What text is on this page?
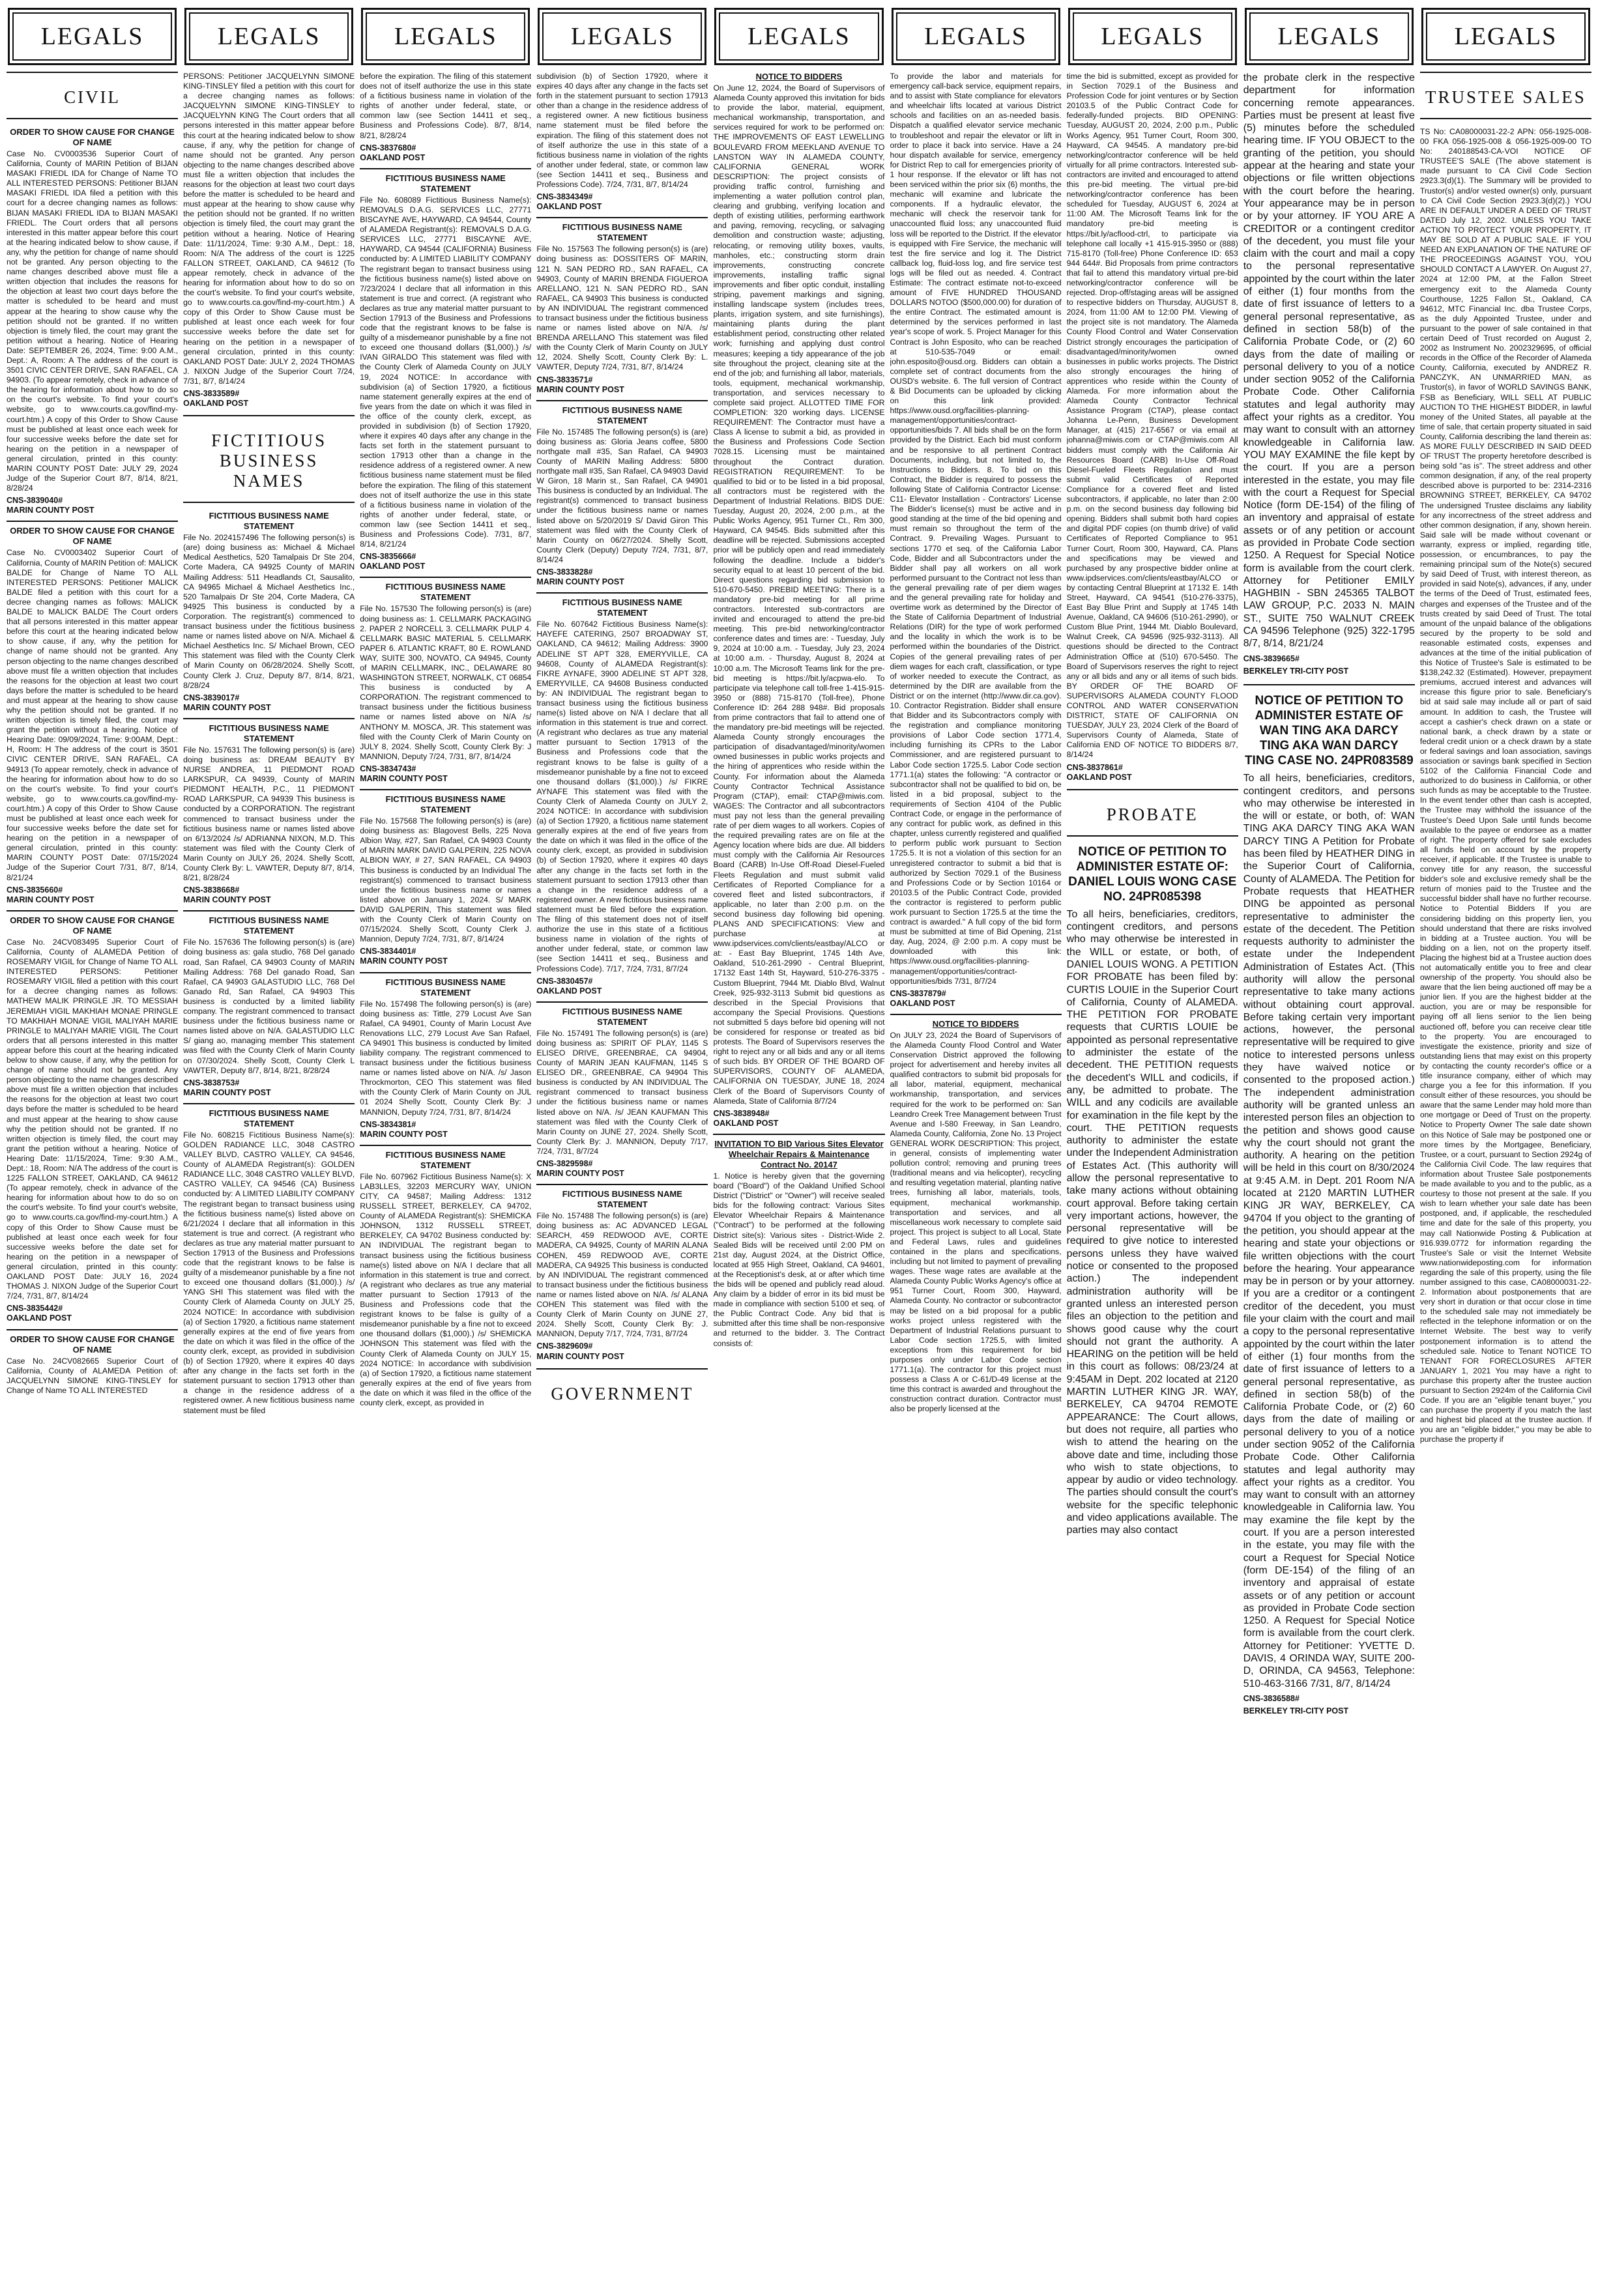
LEGALS
CIVIL
ORDER TO SHOW CAUSE FOR CHANGE OF NAME

Case No. CV0003536 Superior Court of California, County of MARIN Petition of BIJAN MASAKI FRIEDL IDA for Change of Name TO ALL INTERESTED PERSONS: Petitioner BIJAN MASAKI FRIEDL IDA filed a petition with this court for a decree changing names as follows: BIJAN MASAKI FRIEDL IDA to BIJAN MASAKI FRIEDL. The Court orders that all persons interested in this matter appear before this court at the hearing indicated below to show cause, if any, why the petition for change of name should not be granted. Any person objecting to the name changes described above must file a written objection that includes the reasons for the objection at least two court days before the matter is scheduled to be heard and must appear at the hearing to show cause why the petition should not be granted. If no written objection is timely filed, the court may grant the petition without a hearing. Notice of Hearing Date: SEPTEMBER 26, 2024, Time: 9:00 A.M., Dept.: A, Room: A The address of the court is 3501 CIVIC CENTER DRIVE, SAN RAFAEL, CA 94903. (To appear remotely, check in advance of the hearing for information about how to do so on the court's website. To find your court's website, go to www.courts.ca.gov/find-my-court.htm.) A copy of this Order to Show Cause must be published at least once each week for four successive weeks before the date set for hearing on the petition in a newspaper of general circulation, printed in this county: MARIN COUNTY POST Date: JULY 29, 2024 Judge of the Superior Court 8/7, 8/14, 8/21, 8/28/24

CNS-3839040#
MARIN COUNTY POST
ORDER TO SHOW CAUSE FOR CHANGE OF NAME

Case No. CV0003402 Superior Court of California, County of MARIN Petition of: MALICK BALDE for Change of Name TO ALL INTERESTED PERSONS: Petitioner MALICK BALDE filed a petition with this court for a decree changing names as follows: MALICK BALDE to MALICK BALDE The Court orders that all persons interested in this matter appear before this court at the hearing indicated below to show cause, if any, why the petition for change of name should not be granted. Any person objecting to the name changes described above must file a written objection that includes the reasons for the objection at least two court days before the matter is scheduled to be heard and must appear at the hearing to show cause why the petition should not be granted. If no written objection is timely filed, the court may grant the petition without a hearing. Notice of Hearing Date: 09/09/2024, Time: 9:00AM, Dept.: H, Room: H The address of the court is 3501 CIVIC CENTER DRIVE, SAN RAFAEL, CA 94913 (To appear remotely, check in advance of the hearing for information about how to do so on the court's website. To find your court's website, go to www.courts.ca.gov/find-my-court.htm.) A copy of this Order to Show Cause must be published at least once each week for four successive weeks before the date set for hearing on the petition in a newspaper of general circulation, printed in this county: MARIN COUNTY POST Date: 07/15/2024 Judge of the Superior Court 7/31, 8/7, 8/14, 8/21/24

CNS-3835660#
MARIN COUNTY POST
ORDER TO SHOW CAUSE FOR CHANGE OF NAME

Case No. 24CV083495 Superior Court of California, County of ALAMEDA Petition of ROSEMARY VIGIL for Change of Name TO ALL INTERESTED PERSONS: Petitioner ROSEMARY VIGIL filed a petition with this court for a decree changing names as follows: MATHEW MALIK PRINGLE JR. TO MESSIAH JEREMIAH VIGIL MAKHIAH MONAE PRINGLE TO MAKHIAH MONAE VIGIL MALIYAH MARIE PRINGLE to MALIYAH MARIE VIGIL The Court orders that all persons interested in this matter appear before this court at the hearing indicated below to show cause, if any, why the petition for change of name should not be granted. Any person objecting to the name changes described above must file a written objection that includes the reasons for the objection at least two court days before the matter is scheduled to be heard and must appear at the hearing to show cause why the petition should not be granted. If no written objection is timely filed, the court may grant the petition without a hearing. Notice of Hearing Date: 11/15/2024, Time: 9:30 A.M., Dept.: 18, Room: N/A The address of the court is 1225 FALLON STREET, OAKLAND, CA 94612 (To appear remotely, check in advance of the hearing for information about how to do so on the court's website. To find your court's website, go to www.courts.ca.gov/find-my-court.htm.) A copy of this Order to Show Cause must be published at least once each week for four successive weeks before the date set for hearing on the petition in a newspaper of general circulation, printed in this county: OAKLAND POST Date: JULY 16, 2024 THOMAS J. NIXON Judge of the Superior Court 7/24, 7/31, 8/7, 8/14/24

CNS-3835442#
OAKLAND POST
ORDER TO SHOW CAUSE FOR CHANGE OF NAME

Case No. 24CV082665 Superior Court of California, County of ALAMEDA Petition of: JACQUELYNN SIMONE KING-TINSLEY for Change of Name TO ALL INTERESTED

LEGALS

PERSONS: Petitioner JACQUELYNN SIMONE KING-TINSLEY filed a petition with this court for a decree changing names as follows: JACQUELYNN SIMONE KING-TINSLEY to JACQUELYNN KING The Court orders that all persons interested in this matter appear before this court at the hearing indicated below to show cause, if any, why the petition for change of name should not be granted. Any person objecting to the name changes described above must file a written objection that includes the reasons for the objection at least two court days before the matter is scheduled to be heard and must appear at the hearing to show cause why the petition should not be granted. If no written objection is timely filed, the court may grant the petition without a hearing. Notice of Hearing Date: 11/11/2024, Time: 9:30 A.M., Dept.: 18, Room: N/A The address of the court is 1225 FALLON STREET, OAKLAND, CA 94612 (To appear remotely, check in advance of the hearing for information about how to do so on the court's website. To find your court's website, go to www.courts.ca.gov/find-my-court.htm.) A copy of this Order to Show Cause must be published at least once each week for four successive weeks before the date set for hearing on the petition in a newspaper of general circulation, printed in this county: OAKLAND POST Date: JULY 2, 2024 THOMAS J. NIXON Judge of the Superior Court 7/24, 7/31, 8/7, 8/14/24

CNS-3833589#
OAKLAND POST
FICTITIOUS BUSINESS NAMES
FICTITIOUS BUSINESS NAME STATEMENT

File No. 2024157496 The following person(s) is (are) doing business as: Michael & Michael Medical Aesthetics, 520 Tamalpais Dr Ste 204, Corte Madera, CA 94925 County of MARIN Mailing Address: 511 Headlands Ct, Sausalito, CA 94965 Michael & Michael Aesthetics Inc., 520 Tamalpais Dr Ste 204, Corte Madera, CA 94925 This business is conducted by a Corporation. The registrant(s) commenced to transact business under the fictitious business name or names listed above on N/A. Michael & Michael Aesthetics Inc. S/ Michael Brown, CEO This statement was filed with the County Clerk of Marin County on 06/28/2024. Shelly Scott, County Clerk J. Cruz, Deputy 8/7, 8/14, 8/21, 8/28/24

CNS-3839017#
MARIN COUNTY POST
FICTITIOUS BUSINESS NAME STATEMENT

File No. 157631 The following person(s) is (are) doing business as: DREAM BEAUTY BY NURSE ANDREA, 11 PIEDMONT ROAD LARKSPUR, CA 94939, County of MARIN PIEDMONT HEALTH, P.C., 11 PIEDMONT ROAD LARKSPUR, CA 94939 This business is conducted by a CORPORATION. The registrant commenced to transact business under the fictitious business name or names listed above on 6/13/2024 /s/ ADRIANNA NIXON, M.D. This statement was filed with the County Clerk of Marin County on JULY 26, 2024. Shelly Scott, County Clerk By: L. VAWTER, Deputy 8/7, 8/14, 8/21, 8/28/24

CNS-3838668#
MARIN COUNTY POST
FICTITIOUS BUSINESS NAME STATEMENT

File No. 157636 The following person(s) is (are) doing business as: gala studio, 768 Del ganado road, San Rafael, CA 94903 County of MARIN Mailing Address: 768 Del ganado Road, San Rafael, CA 94903 GALASTUDIO LLC, 768 Del Ganado Rd, San Rafael, CA 94903 This business is conducted by a limited liability company. The registrant commenced to transact business under the fictitious business name or names listed above on N/A. GALASTUDIO LLC S/ giang ao, managing member This statement was filed with the County Clerk of Marin County on 07/30/2024. Shelly Scott, County Clerk L VAWTER, Deputy 8/7, 8/14, 8/21, 8/28/24

CNS-3838753#
MARIN COUNTY POST
FICTITIOUS BUSINESS NAME STATEMENT

File No. 608215 Fictitious Business Name(s): GOLDEN RADIANCE LLC, 3048 CASTRO VALLEY BLVD, CASTRO VALLEY, CA 94546, County of ALAMEDA Registrant(s): GOLDEN RADIANCE LLC, 3048 CASTRO VALLEY BLVD, CASTRO VALLEY, CA 94546 (CA) Business conducted by: A LIMITED LIABILITY COMPANY The registrant began to transact business using the fictitious business name(s) listed above on 6/21/2024 I declare that all information in this statement is true and correct. (A registrant who declares as true any material matter pursuant to Section 17913 of the Business and Professions code that the registrant knows to be false is guilty of a misdemeanor punishable by a fine not to exceed one thousand dollars ($1,000).) /s/ YANG SHI This statement was filed with the County Clerk of Alameda County on JULY 25, 2024 NOTICE: In accordance with subdivision (a) of Section 17920, a fictitious name statement generally expires at the end of five years from the date on which it was filed in the office of the county clerk, except, as provided in subdivision (b) of Section 17920, where it expires 40 days after any change in the facts set forth in the statement pursuant to section 17913 other than a change in the residence address of a registered owner. A new fictitious business name statement must be filed

LEGALS

before the expiration. The filing of this statement does not of itself authorize the use in this state of a fictitious business name in violation of the rights of another under federal, state, or common law (see Section 14411 et seq., Business and Professions Code). 8/7, 8/14, 8/21, 8/28/24

CNS-3837680#
OAKLAND POST
FICTITIOUS BUSINESS NAME STATEMENT

File No. 608089 Fictitious Business Name(s): REMOVALS D.A.G. SERVICES LLC, 27771 BISCAYNE AVE, HAYWARD, CA 94544, County of ALAMEDA Registrant(s): REMOVALS D.A.G. SERVICES LLC, 27771 BISCAYNE AVE, HAYWARD, CA 94544 (CALIFORNIA) Business conducted by: A LIMITED LIABILITY COMPANY The registrant began to transact business using the fictitious business name(s) listed above on 7/23/2024 I declare that all information in this statement is true and correct. (A registrant who declares as true any material matter pursuant to Section 17913 of the Business and Professions code that the registrant knows to be false is guilty of a misdemeanor punishable by a fine not to exceed one thousand dollars ($1,000).) /s/ IVAN GIRALDO This statement was filed with the County Clerk of Alameda County on JULY 19, 2024 NOTICE: In accordance with subdivision (a) of Section 17920, a fictitious name statement generally expires at the end of five years from the date on which it was filed in the office of the county clerk, except, as provided in subdivision (b) of Section 17920, where it expires 40 days after any change in the facts set forth in the statement pursuant to section 17913 other than a change in the residence address of a registered owner. A new fictitious business name statement must be filed before the expiration. The filing of this statement does not of itself authorize the use in this state of a fictitious business name in violation of the rights of another under federal, state, or common law (see Section 14411 et seq., Business and Professions Code). 7/31, 8/7, 8/14, 8/21/24

CNS-3835666#
OAKLAND POST
FICTITIOUS BUSINESS NAME STATEMENT

File No. 157530 The following person(s) is (are) doing business as: 1. CELLMARK PACKAGING 2. PAPER 2 NORCELL 3. CELLMARK PULP 4. CELLMARK BASIC MATERIAL 5. CELLMARK PAPER 6. ATLANTIC KRAFT, 80 E. ROWLAND WAY, SUITE 300, NOVATO, CA 94945, County of MARIN CELLMARK, INC., DELAWARE 80 WASHINGTON STREET, NORWALK, CT 06854 This business is conducted by A CORPORATION. The registrant commenced to transact business under the fictitious business name or names listed above on N/A /s/ ANTHONY M. MOSCA, JR. This statement was filed with the County Clerk of Marin County on JULY 8, 2024. Shelly Scott, County Clerk By: J MANNION, Deputy 7/24, 7/31, 8/7, 8/14/24

CNS-3834743#
MARIN COUNTY POST
FICTITIOUS BUSINESS NAME STATEMENT

File No. 157568 The following person(s) is (are) doing business as: Blagovest Bells, 225 Nova Albion Way, #27, San Rafael, CA 94903 County of MARIN MARK DAVID GALPERIN, 225 NOVA ALBION WAY, # 27, SAN RAFAEL, CA 94903 This business is conducted by an Individual The registrant(s) commenced to transact business under the fictitious business name or names listed above on January 1, 2024. S/ MARK DAVID GALPERIN, This statement was filed with the County Clerk of Marin County on 07/15/2024. Shelly Scott, County Clerk J. Mannion, Deputy 7/24, 7/31, 8/7, 8/14/24

CNS-3834401#
MARIN COUNTY POST
FICTITIOUS BUSINESS NAME STATEMENT

File No. 157498 The following person(s) is (are) doing business as: Tittle, 279 Locust Ave San Rafael, CA 94901, County of Marin Locust Ave Renovations LLC, 279 Locust Ave San Rafael, CA 94901 This business is conducted by limited liability company. The registrant commenced to transact business under the fictitious business name or names listed above on N/A. /s/ Jason Throckmorton, CEO This statement was filed with the County Clerk of Marin County on JUL 01 2024 Shelly Scott, County Clerk By: J MANNION, Deputy 7/24, 7/31, 8/7, 8/14/24

CNS-3834381#
MARIN COUNTY POST
FICTITIOUS BUSINESS NAME STATEMENT

File No. 607962 Fictitious Business Name(s): X LAB3LLES, 32203 MERCURY WAY, UNION CITY, CA 94587; Mailing Address: 1312 RUSSELL STREET, BERKELEY, CA 94702, County of ALAMEDA Registrant(s): SHEMICKA JOHNSON, 1312 RUSSELL STREET, BERKELEY, CA 94702 Business conducted by: AN INDIVIDUAL The registrant began to transact business using the fictitious business name(s) listed above on N/A I declare that all information in this statement is true and correct. (A registrant who declares as true any material matter pursuant to Section 17913 of the Business and Professions code that the registrant knows to be false is guilty of a misdemeanor punishable by a fine not to exceed one thousand dollars ($1,000).) /s/ SHEMICKA JOHNSON This statement was filed with the County Clerk of Alameda County on JULY 15, 2024 NOTICE: In accordance with subdivision (a) of Section 17920, a fictitious name statement generally expires at the end of five years from the date on which it was filed in the office of the county clerk, except, as provided in

LEGALS

subdivision (b) of Section 17920, where it expires 40 days after any change in the facts set forth in the statement pursuant to section 17913 other than a change in the residence address of a registered owner. A new fictitious business name statement must be filed before the expiration. The filing of this statement does not of itself authorize the use in this state of a fictitious business name in violation of the rights of another under federal, state, or common law (see Section 14411 et seq., Business and Professions Code). 7/24, 7/31, 8/7, 8/14/24

CNS-3834349#
OAKLAND POST
FICTITIOUS BUSINESS NAME STATEMENT

File No. 157563 The following person(s) is (are) doing business as: DOSSITERS OF MARIN, 121 N. SAN PEDRO RD., SAN RAFAEL, CA 94903, County of MARIN BRENDA FIGUEROA ARELLANO, 121 N. SAN PEDRO RD., SAN RAFAEL, CA 94903 This business is conducted by AN INDIVIDUAL The registrant commenced to transact business under the fictitious business name or names listed above on N/A. /s/ BRENDA ARELLANO This statement was filed with the County Clerk of Marin County on JULY 12, 2024. Shelly Scott, County Clerk By: L. VAWTER, Deputy 7/24, 7/31, 8/7, 8/14/24

CNS-3833571#
MARIN COUNTY POST
FICTITIOUS BUSINESS NAME STATEMENT

File No. 157485 The following person(s) is (are) doing business as: Gloria Jeans coffee, 5800 northgate mall #35, San Rafael, CA 94903 County of MARIN Mailing Address: 5800 northgate mall #35, San Rafael, CA 94903 David W Giron, 18 Marin st., San Rafael, CA 94901 This business is conducted by an Individual. The registrant(s) commenced to transact business under the fictitious business name or names listed above on 5/20/2019 S/ David Giron This statement was filed with the County Clerk of Marin County on 06/27/2024. Shelly Scott, County Clerk (Deputy) Deputy 7/24, 7/31, 8/7, 8/14/24

CNS-3833828#
MARIN COUNTY POST
FICTITIOUS BUSINESS NAME STATEMENT

File No. 607642 Fictitious Business Name(s): HAYEFE CATERING, 2507 BROADWAY ST, OAKLAND, CA 94612; Mailing Address: 3900 ADELINE ST APT 328, EMERYVILLE, CA 94608, County of ALAMEDA Registrant(s): FIKRE AYNAFE, 3900 ADELINE ST APT 328, EMERYVILLE, CA 94608 Business conducted by: AN INDIVIDUAL The registrant began to transact business using the fictitious business name(s) listed above on N/A I declare that all information in this statement is true and correct. (A registrant who declares as true any material matter pursuant to Section 17913 of the Business and Professions code that the registrant knows to be false is guilty of a misdemeanor punishable by a fine not to exceed one thousand dollars ($1,000).) /s/ FIKRE AYNAFE This statement was filed with the County Clerk of Alameda County on JULY 2, 2024 NOTICE: In accordance with subdivision (a) of Section 17920, a fictitious name statement generally expires at the end of five years from the date on which it was filed in the office of the county clerk, except, as provided in subdivision (b) of Section 17920, where it expires 40 days after any change in the facts set forth in the statement pursuant to section 17913 other than a change in the residence address of a registered owner. A new fictitious business name statement must be filed before the expiration. The filing of this statement does not of itself authorize the use in this state of a fictitious business name in violation of the rights of another under federal, state, or common law (see Section 14411 et seq., Business and Professions Code). 7/17, 7/24, 7/31, 8/7/24

CNS-3830457#
OAKLAND POST
FICTITIOUS BUSINESS NAME STATEMENT

File No. 157491 The following person(s) is (are) doing business as: SPIRIT OF PLAY, 1145 S ELISEO DRIVE, GREENBRAE, CA 94904, County of MARIN JEAN KAUFMAN, 1145 S ELISEO DR., GREENBRAE, CA 94904 This business is conducted by AN INDIVIDUAL The registrant commenced to transact business under the fictitious business name or names listed above on N/A. /s/ JEAN KAUFMAN This statement was filed with the County Clerk of Marin County on JUNE 27, 2024. Shelly Scott, County Clerk By: J. MANNION, Deputy 7/17, 7/24, 7/31, 8/7/24

CNS-3829598#
MARIN COUNTY POST
FICTITIOUS BUSINESS NAME STATEMENT

File No. 157488 The following person(s) is (are) doing business as: AC ADVANCED LEGAL SEARCH, 459 REDWOOD AVE, CORTE MADERA, CA 94925, County of MARIN ALANA COHEN, 459 REDWOOD AVE, CORTE MADERA, CA 94925 This business is conducted by AN INDIVIDUAL The registrant commenced to transact business under the fictitious business name or names listed above on N/A. /s/ ALANA COHEN This statement was filed with the County Clerk of Marin County on JUNE 27, 2024. Shelly Scott, County Clerk By: J. MANNION, Deputy 7/17, 7/24, 7/31, 8/7/24

CNS-3829609#
MARIN COUNTY POST
GOVERNMENT
LEGALS
NOTICE TO BIDDERS

On June 12, 2024, the Board of Supervisors of Alameda County approved this invitation for bids to provide the labor, material, equipment, mechanical workmanship, transportation, and services required for work to be performed on: THE IMPROVEMENTS OF EAST LEWELLING BOULEVARD FROM MEEKLAND AVENUE TO LANSTON WAY IN ALAMEDA COUNTY, CALIFORNIA GENERAL WORK DESCRIPTION: The project consists of providing traffic control, furnishing and implementing a water pollution control plan, clearing and grubbing, verifying location and depth of existing utilities, performing earthwork and paving, removing, recycling, or salvaging demolition and construction waste; adjusting, relocating, or removing utility boxes, vaults, manholes, etc.; constructing storm drain improvements, constructing concrete improvements, installing traffic signal improvements and fiber optic conduit, installing striping, pavement markings and signing, installing landscape system (includes trees, plants, irrigation system, and site furnishings), maintaining plants during the plant establishment period, constructing other related work; furnishing and applying dust control measures; keeping a tidy appearance of the job site throughout the project, cleaning site at the end of the job; and furnishing all labor, materials, tools, equipment, mechanical workmanship, transportation, and services necessary to complete said project. ALLOTTED TIME FOR COMPLETION: 320 working days. LICENSE REQUIREMENT: The Contractor must have a Class A license to submit a bid, as provided in the Business and Professions Code Section 7028.15. Licensing must be maintained throughout the Contract duration. REGISTRATION REQUIREMENT: To be qualified to bid or to be listed in a bid proposal, all contractors must be registered with the Department of Industrial Relations. BIDS DUE: Tuesday, August 20, 2024, 2:00 p.m., at the Public Works Agency, 951 Turner Ct., Rm 300, Hayward, CA 94545. Bids submitted after this deadline will be rejected. Submissions accepted prior will be publicly open and read immediately following the deadline. Include a bidder's security equal to at least 10 percent of the bid. Direct questions regarding bid submission to 510-670-5450. PREBID MEETING: There is a mandatory pre-bid meeting for all prime contractors. Interested sub-contractors are invited and encouraged to attend the pre-bid meeting. This pre-bid networking/contractor conference dates and times are: - Tuesday, July 9, 2024 at 10:00 a.m. - Tuesday, July 23, 2024 at 10:00 a.m. - Thursday, August 8, 2024 at 10:00 a.m. The Microsoft Teams link for the pre-bid meeting is https://bit.ly/acpwa-elo. To participate via telephone call toll-free 1-415-915-3950 or (888) 715-8170 (Toll-free), Phone Conference ID: 264 288 948#. Bid proposals from prime contractors that fail to attend one of the mandatory pre-bid meetings will be rejected. Alameda County strongly encourages the participation of disadvantaged/minority/women owned businesses in public works projects and the hiring of apprentices who reside within the County. For information about the Alameda County Contractor Technical Assistance Program (CTAP), email: CTAP@miwis.com. WAGES: The Contractor and all subcontractors must pay not less than the general prevailing rate of per diem wages to all workers. Copies of the required prevailing rates are on file at the Agency location where bids are due. All bidders must comply with the California Air Resources Board (CARB) In-Use Off-Road Diesel-Fueled Fleets Regulation and must submit valid Certificates of Reported Compliance for a covered fleet and listed subcontractors, if applicable, no later than 2:00 p.m. on the second business day following bid opening. PLANS AND SPECIFICATIONS: View and purchase at www.ipdservices.com/clients/eastbay/ALCO or at: - East Bay Blueprint, 1745 14th Ave, Oakland, 510-261-2990 - Central Blueprint, 17132 East 14th St, Hayward, 510-276-3375 - Custom Blueprint, 7944 Mt. Diablo Blvd, Walnut Creek, 925-932-3113 Submit bid questions as described in the Special Provisions that accompany the Special Provisions. Questions not submitted 5 days before bid opening will not be considered for response or treated as bid protests. The Board of Supervisors reserves the right to reject any or all bids and any or all items of such bids. BY ORDER OF THE BOARD OF SUPERVISORS, COUNTY OF ALAMEDA, CALIFORNIA ON TUESDAY, JUNE 18, 2024 Clerk of the Board of Supervisors County of Alameda, State of California 8/7/24

CNS-3838948#
OAKLAND POST
INVITATION TO BID Various Sites Elevator Wheelchair Repairs & Maintenance Contract No. 20147

1. Notice is hereby given that the governing board ("Board") of the Oakland Unified School District ("District" or "Owner") will receive sealed bids for the following contract: Various Sites Elevator Wheelchair Repairs & Maintenance ("Contract") to be performed at the following District site(s): Various sites - District-Wide 2. Sealed Bids will be received until 2:00 PM on 21st day, August 2024, at the District Office, located at 955 High Street, Oakland, CA 94601, at the Receptionist's desk, at or after which time the bids will be opened and publicly read aloud. Any claim by a bidder of error in its bid must be made in compliance with section 5100 et seq. of the Public Contract Code. Any bid that is submitted after this time shall be non-responsive and returned to the bidder. 3. The Contract consists of:

LEGALS

To provide the labor and materials for emergency call-back service, equipment repairs, and to assist with State compliance for elevators and wheelchair lifts located at various District schools and facilities on an as-needed basis. Dispatch a qualified elevator service mechanic to troubleshoot and repair the elevator or lift in order to place it back into service. Have a 24 hour dispatch available for service, emergency for District Rep to call for emergencies priority of 1 hour response. If the elevator or lift has not been serviced within the prior six (6) months, the mechanic will examine and lubricate the components. If a hydraulic elevator, the mechanic will check the reservoir tank for unaccounted fluid loss; any unaccounted fluid loss will be reported to the District. If the elevator is equipped with Fire Service, the mechanic will test the fire service and log it. The District callback log, fluid-loss log, and fire service test logs will be filed out as needed. 4. Contract Estimate: The contract estimate not-to-exceed amount of FIVE HUNDRED THOUSAND DOLLARS NOTOO ($500,000.00) for duration of the entire Contract. The estimated amount is determined by the services performed in last year's scope of work. 5. Project Manager for this Contract is John Esposito, who can be reached at 510-535-7049 or email: john.esposito@ousd.org. Bidders can obtain a complete set of contract documents from the OUSD's website. 6. The full version of Contract & Bid Documents can be uploaded by clicking on this link provided: https://www.ousd.org/facilities-planning-management/opportunities/contract-opportunities/bids 7. All bids shall be on the form provided by the District. Each bid must conform and be responsive to all pertinent Contract Documents, including, but not limited to, the Instructions to Bidders. 8. To bid on this Contract, the Bidder is required to possess the following State of California Contractor License: C11- Elevator Installation - Contractors' License The Bidder's license(s) must be active and in good standing at the time of the bid opening and must remain so throughout the term of the Contract. 9. Prevailing Wages. Pursuant to sections 1770 et seq. of the California Labor Code, Bidder and all Subcontractors under the Bidder shall pay all workers on all work performed pursuant to the Contract not less than the general prevailing rate of per diem wages and the general prevailing rate for holiday and overtime work as determined by the Director of the State of California Department of Industrial Relations (DIR) for the type of work performed and the locality in which the work is to be performed within the boundaries of the District. Copies of the general prevailing rates of per diem wages for each craft, classification, or type of worker needed to execute the Contract, as determined by the DIR are available from the District or on the internet (http://www.dir.ca.gov). 10. Contractor Registration. Bidder shall ensure that Bidder and its Subcontractors comply with the registration and compliance monitoring provisions of Labor Code section 1771.4, including furnishing its CPRs to the Labor Commissioner, and are registered pursuant to Labor Code section 1725.5. Labor Code section 1771.1(a) states the following: "A contractor or subcontractor shall not be qualified to bid on, be listed in a bid proposal, subject to the requirements of Section 4104 of the Public Contract Code, or engage in the performance of any contract for public work, as defined in this chapter, unless currently registered and qualified to perform public work pursuant to Section 1725.5. It is not a violation of this section for an unregistered contractor to submit a bid that is authorized by Section 7029.1 of the Business and Professions Code or by Section 10164 or 20103.5 of the Public Contract Code, provided the contractor is registered to perform public work pursuant to Section 1725.5 at the time the contract is awarded." A full copy of the bid form must be submitted at time of Bid Opening, 21st day, Aug, 2024, @ 2:00 p.m. A copy must be downloaded with this link: https://www.ousd.org/facilities-planning-management/opportunities/contract-opportunities/bids 7/31, 8/7/24

CNS-3837879#
OAKLAND POST
NOTICE TO BIDDERS

On JULY 23, 2024 the Board of Supervisors of the Alameda County Flood Control and Water Conservation District approved the following project for advertisement and hereby invites all qualified contractors to submit bid proposals for all labor, material, equipment, mechanical workmanship, transportation, and services required for the work to be performed on: San Leandro Creek Tree Management between Trust Avenue and I-580 Freeway, in San Leandro, Alameda County, California, Zone No. 13 Project GENERAL WORK DESCRIPTION: This project, in general, consists of implementing water pollution control; removing and pruning trees (traditional means and via helicopter), recycling and resulting vegetation material, planting native trees, furnishing all labor, materials, tools, equipment, mechanical workmanship, transportation and services, and all miscellaneous work necessary to complete said project. This project is subject to all Local, State and Federal Laws, rules and guidelines contained in the plans and specifications, including but not limited to payment of prevailing wages. These wage rates are available at the Alameda County Public Works Agency's office at 951 Turner Court, Room 300, Hayward, Alameda County. No contractor or subcontractor may be listed on a bid proposal for a public works project unless registered with the Department of Industrial Relations pursuant to Labor Code section 1725.5, with limited exceptions from this requirement for bid purposes only under Labor Code section 1771.1(a). The contractor for this project must possess a Class A or C-61/D-49 license at the time this contract is awarded and throughout the construction contract duration. Contractor must also be properly licensed at the

LEGALS

time the bid is submitted, except as provided for in Section 7029.1 of the Business and Profession Code for joint ventures or by Section 20103.5 of the Public Contract Code for federally-funded projects. BID OPENING: Tuesday, AUGUST 20, 2024, 2:00 p.m., Public Works Agency, 951 Turner Court, Room 300, Hayward, CA 94545. A mandatory pre-bid networking/contractor conference will be held virtually for all prime contractors. Interested sub-contractors are invited and encouraged to attend this pre-bid meeting. The virtual pre-bid networking/contractor conference has been scheduled for Tuesday, AUGUST 6, 2024 at 11:00 AM. The Microsoft Teams link for the mandatory pre-bid meeting is https://bit.ly/acflood-ctrl, to participate via telephone call locally +1 415-915-3950 or (888) 715-8170 (Toll-free) Phone Conference ID: 653 944 644#. Bid Proposals from prime contractors that fail to attend this mandatory virtual pre-bid networking/contractor conference will be rejected. Drop-off/staging areas will be assigned to respective bidders on Thursday, AUGUST 8, 2024, from 11:00 AM to 12:00 PM. Viewing of the project site is not mandatory. The Alameda County Flood Control and Water Conservation District strongly encourages the participation of disadvantaged/minority/women owned businesses in public works projects. The District also strongly encourages the hiring of apprentices who reside within the County of Alameda. For more information about the Alameda County Contractor Technical Assistance Program (CTAP), please contact Johanna Le-Penn, Business Development Manager, at (415) 217-6567 or via email at johanna@miwis.com or CTAP@miwis.com All bidders must comply with the California Air Resources Board (CARB) In-Use Off-Road Diesel-Fueled Fleets Regulation and must submit valid Certificates of Reported Compliance for a covered fleet and listed subcontractors, if applicable, no later than 2:00 p.m. on the second business day following bid opening. Bidders shall submit both hard copies and digital PDF copies (on thumb drive) of valid Certificates of Reported Compliance to 951 Turner Court, Room 300, Hayward, CA. Plans and specifications may be viewed and purchased by any prospective bidder online at www.ipdservices.com/clients/eastbay/ALCO or by contacting Central Blueprint at 17132 E. 14th Street, Hayward, CA 94541 (510-276-3375), East Bay Blue Print and Supply at 1745 14th Avenue, Oakland, CA 94606 (510-261-2990), or Custom Blue Print, 1944 Mt. Diablo Boulevard, Walnut Creek, CA 94596 (925-932-3113). All questions should be directed to the Contract Administration Office at (510) 670-5450. The Board of Supervisors reserves the right to reject any or all bids and any or all items of such bids. BY ORDER OF THE BOARD OF SUPERVISORS ALAMEDA COUNTY FLOOD CONTROL AND WATER CONSERVATION DISTRICT, STATE OF CALIFORNIA ON TUESDAY, JULY 23, 2024 Clerk of the Board of Supervisors County of Alameda, State of California END OF NOTICE TO BIDDERS 8/7, 8/14/24

CNS-3837861#
OAKLAND POST
PROBATE
NOTICE OF PETITION TO ADMINISTER ESTATE OF: DANIEL LOUIS WONG CASE NO. 24PR085398

To all heirs, beneficiaries, creditors, contingent creditors, and persons who may otherwise be interested in the WILL or estate, or both, of DANIEL LOUIS WONG. A PETITION FOR PROBATE has been filed by: CURTIS LOUIE in the Superior Court of California, County of ALAMEDA. THE PETITION FOR PROBATE requests that CURTIS LOUIE be appointed as personal representative to administer the estate of the decedent. THE PETITION requests the decedent's WILL and codicils, if any, be admitted to probate. The WILL and any codicils are available for examination in the file kept by the court. THE PETITION requests authority to administer the estate under the Independent Administration of Estates Act. (This authority will allow the personal representative to take many actions without obtaining court approval. Before taking certain very important actions, however, the personal representative will be required to give notice to interested persons unless they have waived notice or consented to the proposed action.) The independent administration authority will be granted unless an interested person files an objection to the petition and shows good cause why the court should not grant the authority. A HEARING on the petition will be held in this court as follows: 08/23/24 at 9:45AM in Dept. 202 located at 2120 MARTIN LUTHER KING JR. WAY, BERKELEY, CA 94704 REMOTE APPEARANCE: The Court allows, but does not require, all parties who wish to attend the hearing on the above date and time, including those who wish to state objections, to appear by audio or video technology. The parties should consult the court's website for the specific telephonic and video applications available. The parties may also contact

LEGALS

the probate clerk in the respective department for information concerning remote appearances. Parties must be present at least five (5) minutes before the scheduled hearing time. IF YOU OBJECT to the granting of the petition, you should appear at the hearing and state your objections or file written objections with the court before the hearing. Your appearance may be in person or by your attorney. IF YOU ARE A CREDITOR or a contingent creditor of the decedent, you must file your claim with the court and mail a copy to the personal representative appointed by the court within the later of either (1) four months from the date of first issuance of letters to a general personal representative, as defined in section 58(b) of the California Probate Code, or (2) 60 days from the date of mailing or personal delivery to you of a notice under section 9052 of the California Probate Code. Other California statutes and legal authority may affect your rights as a creditor. You may want to consult with an attorney knowledgeable in California law. YOU MAY EXAMINE the file kept by the court. If you are a person interested in the estate, you may file with the court a Request for Special Notice (form DE-154) of the filing of an inventory and appraisal of estate assets or of any petition or account as provided in Probate Code section 1250. A Request for Special Notice form is available from the court clerk. Attorney for Petitioner EMILY HAGHBIN - SBN 245365 TALBOT LAW GROUP, P.C. 2033 N. MAIN ST., SUITE 750 WALNUT CREEK CA 94596 Telephone (925) 322-1795 8/7, 8/14, 8/21/24

CNS-3839665#
BERKELEY TRI-CITY POST
NOTICE OF PETITION TO ADMINISTER ESTATE OF WAN TING AKA DARCY TING AKA WAN DARCY TING CASE NO. 24PR083589

To all heirs, beneficiaries, creditors, contingent creditors, and persons who may otherwise be interested in the will or estate, or both, of: WAN TING AKA DARCY TING AKA WAN DARCY TING A Petition for Probate has been filed by HEATHER DING in the Superior Court of California, County of ALAMEDA. The Petition for Probate requests that HEATHER DING be appointed as personal representative to administer the estate of the decedent. The Petition requests authority to administer the estate under the Independent Administration of Estates Act. (This authority will allow the personal representative to take many actions without obtaining court approval. Before taking certain very important actions, however, the personal representative will be required to give notice to interested persons unless they have waived notice or consented to the proposed action.) The independent administration authority will be granted unless an interested person files an objection to the petition and shows good cause why the court should not grant the authority. A hearing on the petition will be held in this court on 8/30/2024 at 9:45 A.M. in Dept. 201 Room N/A located at 2120 MARTIN LUTHER KING JR WAY, BERKELEY, CA 94704 If you object to the granting of the petition, you should appear at the hearing and state your objections or file written objections with the court before the hearing. Your appearance may be in person or by your attorney. If you are a creditor or a contingent creditor of the decedent, you must file your claim with the court and mail a copy to the personal representative appointed by the court within the later of either (1) four months from the date of first issuance of letters to a general personal representative, as defined in section 58(b) of the California Probate Code, or (2) 60 days from the date of mailing or personal delivery to you of a notice under section 9052 of the California Probate Code. Other California statutes and legal authority may affect your rights as a creditor. You may want to consult with an attorney knowledgeable in California law. You may examine the file kept by the court. If you are a person interested in the estate, you may file with the court a Request for Special Notice (form DE-154) of the filing of an inventory and appraisal of estate assets or of any petition or account as provided in Probate Code section 1250. A Request for Special Notice form is available from the court clerk. Attorney for Petitioner: YVETTE D. DAVIS, 4 ORINDA WAY, SUITE 200-D, ORINDA, CA 94563, Telephone: 510-463-3166 7/31, 8/7, 8/14/24

CNS-3836588#
BERKELEY TRI-CITY POST
LEGALS
TRUSTEE SALES

TS No: CA08000031-22-2 APN: 056-1925-008-00 FKA 056-1925-008 & 056-1925-009-00 TO No: 240188543-CA-VOI NOTICE OF TRUSTEE'S SALE (The above statement is made pursuant to CA Civil Code Section 2923.3(d)(1). The Summary will be provided to Trustor(s) and/or vested owner(s) only, pursuant to CA Civil Code Section 2923.3(d)(2).) YOU ARE IN DEFAULT UNDER A DEED OF TRUST DATED July 12, 2002. UNLESS YOU TAKE ACTION TO PROTECT YOUR PROPERTY, IT MAY BE SOLD AT A PUBLIC SALE. IF YOU NEED AN EXPLANATION OF THE NATURE OF THE PROCEEDINGS AGAINST YOU, YOU SHOULD CONTACT A LAWYER. On August 27, 2024 at 12:00 PM, at the Fallon Street emergency exit to the Alameda County Courthouse, 1225 Fallon St., Oakland, CA 94612, MTC Financial Inc. dba Trustee Corps, as the duly Appointed Trustee, under and pursuant to the power of sale contained in that certain Deed of Trust recorded on August 2, 2002 as Instrument No. 2002329695, of official records in the Office of the Recorder of Alameda County, California, executed by ANDREZ R. PANCZYK, AN UNMARRIED MAN, as Trustor(s), in favor of WORLD SAVINGS BANK, FSB as Beneficiary, WILL SELL AT PUBLIC AUCTION TO THE HIGHEST BIDDER, in lawful money of the United States, all payable at the time of sale, that certain property situated in said County, California describing the land therein as: AS MORE FULLY DESCRIBED IN SAID DEED OF TRUST The property heretofore described is being sold "as is". The street address and other common designation, if any, of the real property described above is purported to be: 2314-2316 BROWNING STREET, BERKELEY, CA 94702 The undersigned Trustee disclaims any liability for any incorrectness of the street address and other common designation, if any, shown herein. Said sale will be made without covenant or warranty, express or implied, regarding title, possession, or encumbrances, to pay the remaining principal sum of the Note(s) secured by said Deed of Trust, with interest thereon, as provided in said Note(s), advances, if any, under the terms of the Deed of Trust, estimated fees, charges and expenses of the Trustee and of the trusts created by said Deed of Trust. The total amount of the unpaid balance of the obligations secured by the property to be sold and reasonable estimated costs, expenses and advances at the time of the initial publication of this Notice of Trustee's Sale is estimated to be $138,242.32 (Estimated). However, prepayment premiums, accrued interest and advances will increase this figure prior to sale. Beneficiary's bid at said sale may include all or part of said amount. In addition to cash, the Trustee will accept a cashier's check drawn on a state or national bank, a check drawn by a state or federal credit union or a check drawn by a state or federal savings and loan association, savings association or savings bank specified in Section 5102 of the California Financial Code and authorized to do business in California, or other such funds as may be acceptable to the Trustee. In the event tender other than cash is accepted, the Trustee may withhold the issuance of the Trustee's Deed Upon Sale until funds become available to the payee or endorsee as a matter of right. The property offered for sale excludes all funds held on account by the property receiver, if applicable. If the Trustee is unable to convey title for any reason, the successful bidder's sole and exclusive remedy shall be the return of monies paid to the Trustee and the successful bidder shall have no further recourse. Notice to Potential Bidders If you are considering bidding on this property lien, you should understand that there are risks involved in bidding at a Trustee auction. You will be bidding on a lien, not on the property itself. Placing the highest bid at a Trustee auction does not automatically entitle you to free and clear ownership of the property. You should also be aware that the lien being auctioned off may be a junior lien. If you are the highest bidder at the auction, you are or may be responsible for paying off all liens senior to the lien being auctioned off, before you can receive clear title to the property. You are encouraged to investigate the existence, priority and size of outstanding liens that may exist on this property by contacting the county recorder's office or a title insurance company, either of which may charge you a fee for this information. If you consult either of these resources, you should be aware that the same Lender may hold more than one mortgage or Deed of Trust on the property. Notice to Property Owner The sale date shown on this Notice of Sale may be postponed one or more times by the Mortgagee, Beneficiary, Trustee, or a court, pursuant to Section 2924g of the California Civil Code. The law requires that information about Trustee Sale postponements be made available to you and to the public, as a courtesy to those not present at the sale. If you wish to learn whether your sale date has been postponed, and, if applicable, the rescheduled time and date for the sale of this property, you may call Nationwide Posting & Publication at 916.939.0772 for information regarding the Trustee's Sale or visit the Internet Website www.nationwideposting.com for information regarding the sale of this property, using the file number assigned to this case, CA08000031-22-2. Information about postponements that are very short in duration or that occur close in time to the scheduled sale may not immediately be reflected in the telephone information or on the Internet Website. The best way to verify postponement information is to attend the scheduled sale. Notice to Tenant NOTICE TO TENANT FOR FORECLOSURES AFTER JANUARY 1, 2021 You may have a right to purchase this property after the trustee auction pursuant to Section 2924m of the California Civil Code. If you are an "eligible tenant buyer," you can purchase the property if you match the last and highest bid placed at the trustee auction. If you are an "eligible bidder," you may be able to purchase the property if
